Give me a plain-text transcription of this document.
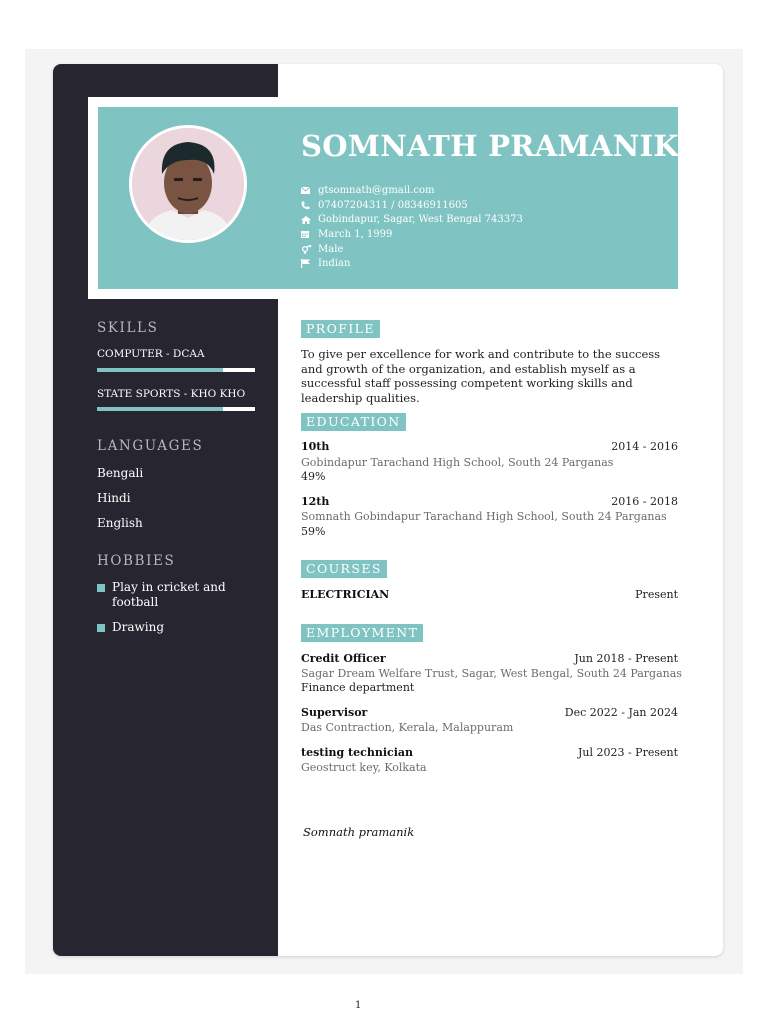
SOMNATH PRAMANIK
gtsomnath@gmail.com
07407204311 / 08346911605
Gobindapur, Sagar, West Bengal 743373
March 1, 1999
Male
Indian
SKILLS
COMPUTER - DCAA
STATE SPORTS - KHO KHO
LANGUAGES
Bengali
Hindi
English
HOBBIES
Play in cricket and football
Drawing
PROFILE
To give per excellence for work and contribute to the success and growth of the organization, and establish myself as a successful staff possessing competent working skills and leadership qualities.
EDUCATION
10th	2014 - 2016
Gobindapur Tarachand High School, South 24 Parganas
49%
12th	2016 - 2018
Somnath Gobindapur Tarachand High School, South 24 Parganas
59%
COURSES
ELECTRICIAN	Present
EMPLOYMENT
Credit Officer	Jun 2018 - Present
Sagar Dream Welfare Trust, Sagar, West Bengal, South 24 Parganas
Finance department
Supervisor	Dec 2022 - Jan 2024
Das Contraction, Kerala, Malappuram
testing technician	Jul 2023 - Present
Geostruct key, Kolkata
Somnath pramanik
1
